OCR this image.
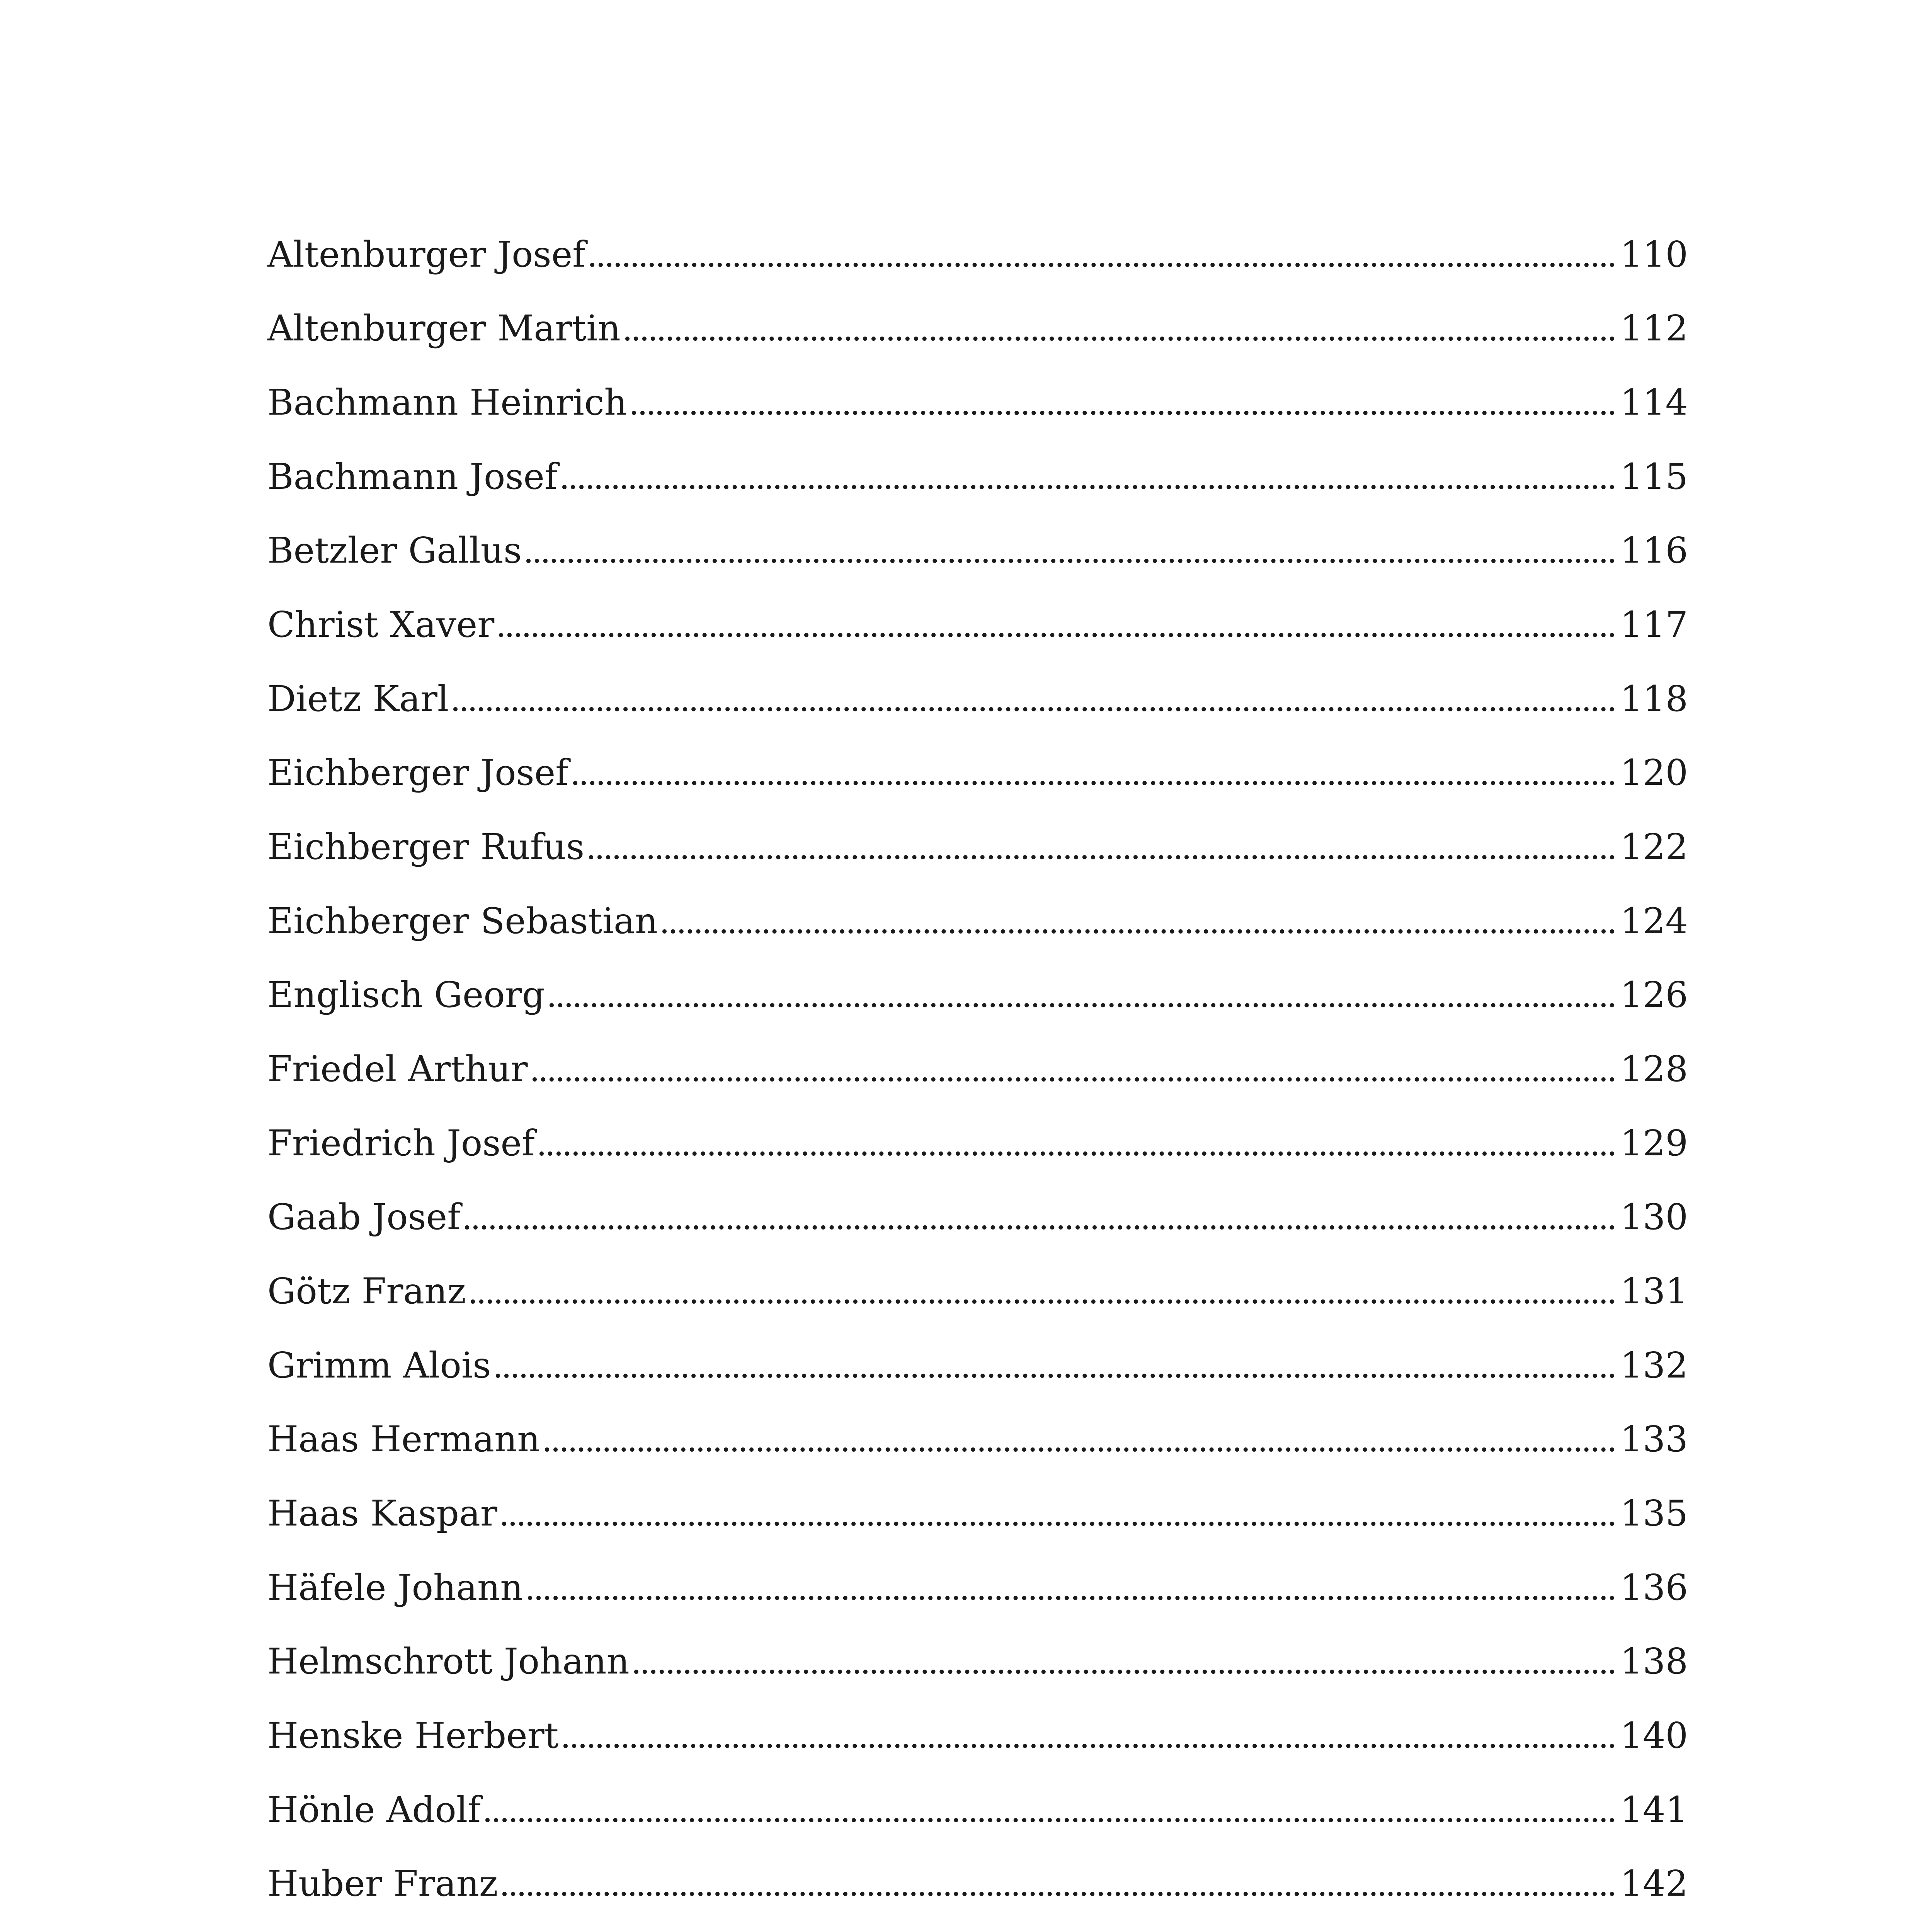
Altenburger Josef	110
Altenburger Martin	112
Bachmann Heinrich	114
Bachmann Josef	115
Betzler Gallus	116
Christ Xaver	117
Dietz Karl	118
Eichberger Josef	120
Eichberger Rufus	122
Eichberger Sebastian	124
Englisch Georg	126
Friedel Arthur	128
Friedrich Josef	129
Gaab Josef	130
Götz Franz	131
Grimm Alois	132
Haas Hermann	133
Haas Kaspar	135
Häfele Johann	136
Helmschrott Johann	138
Henske Herbert	140
Hönle Adolf	141
Huber Franz	142
